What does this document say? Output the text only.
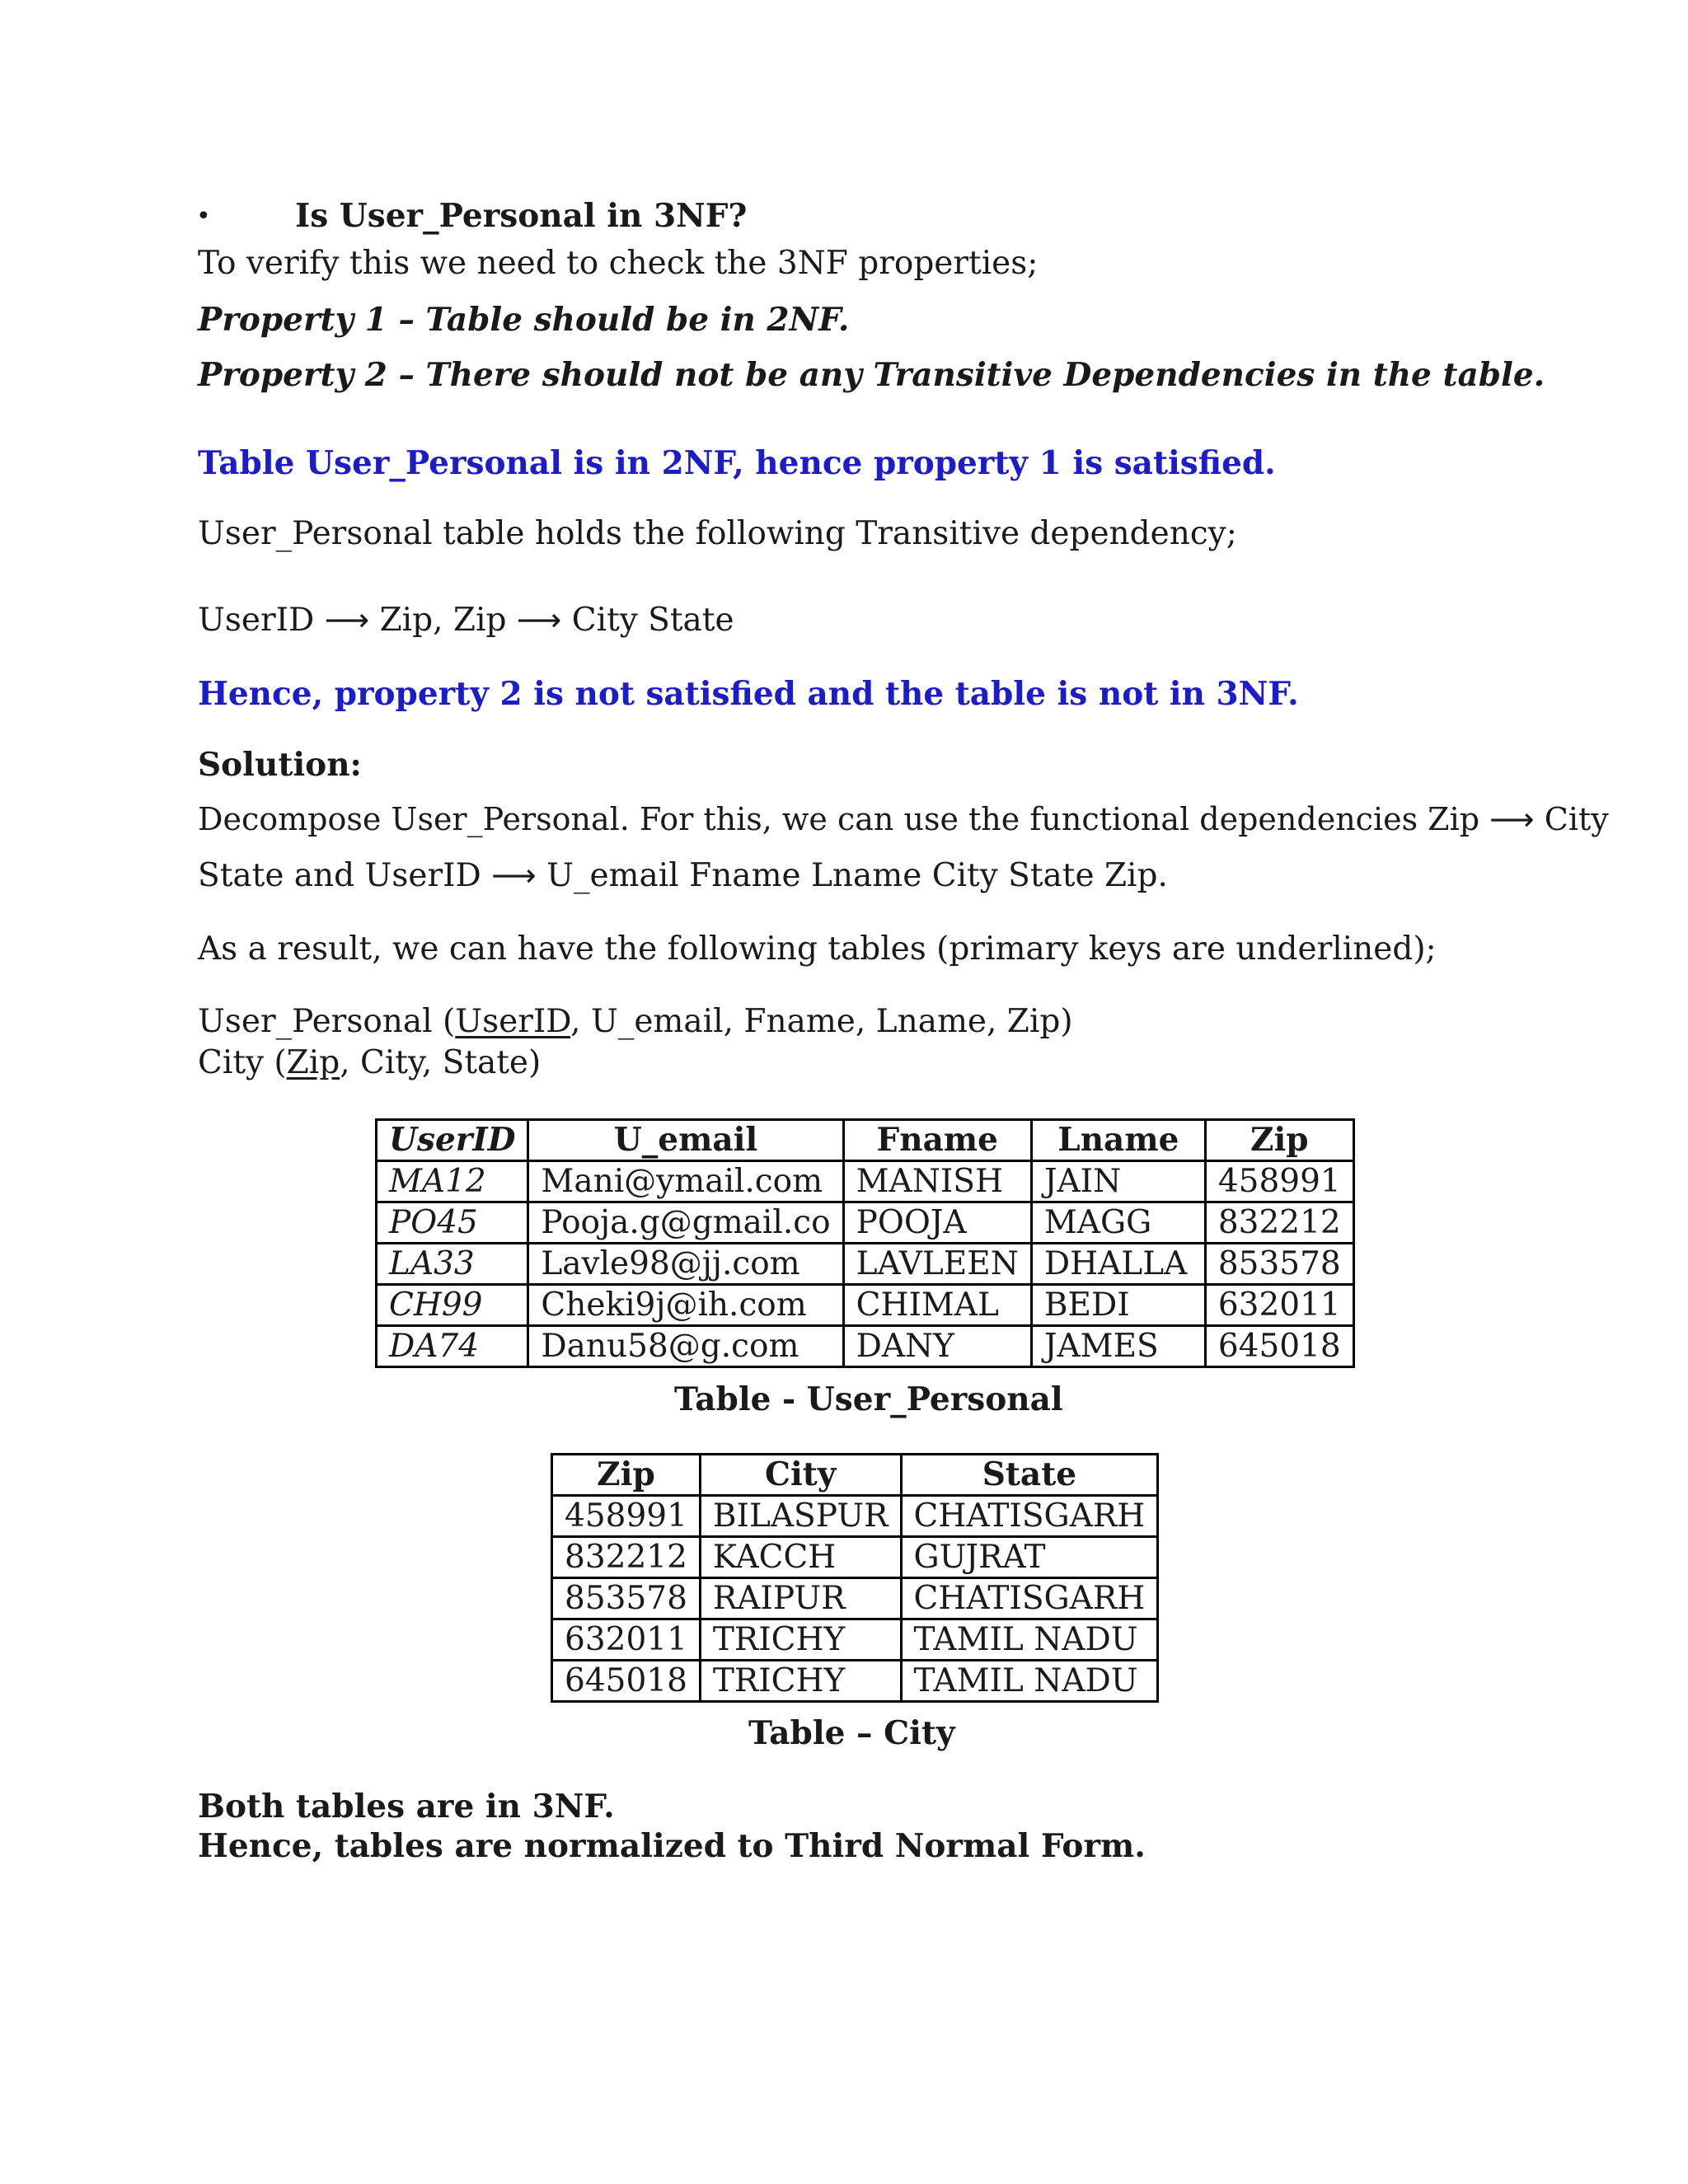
•	Is User_Personal in 3NF?
To verify this we need to check the 3NF properties;
Property 1 – Table should be in 2NF.
Property 2 – There should not be any Transitive Dependencies in the table.
Table User_Personal is in 2NF, hence property 1 is satisfied.
User_Personal table holds the following Transitive dependency;
UserID ⟶ Zip, Zip ⟶ City State
Hence, property 2 is not satisfied and the table is not in 3NF.
Solution:
Decompose User_Personal. For this, we can use the functional dependencies Zip ⟶ City
State and UserID ⟶ U_email Fname Lname City State Zip.
As a result, we can have the following tables (primary keys are underlined);
User_Personal (UserID, U_email, Fname, Lname, Zip)
City (Zip, City, State)
UserID	U_email	Fname	Lname	Zip
MA12	Mani@ymail.com	MANISH	JAIN	458991
PO45	Pooja.g@gmail.co	POOJA	MAGG	832212
LA33	Lavle98@jj.com	LAVLEEN	DHALLA	853578
CH99	Cheki9j@ih.com	CHIMAL	BEDI	632011
DA74	Danu58@g.com	DANY	JAMES	645018
Table - User_Personal
Zip	City	State
458991	BILASPUR	CHATISGARH
832212	KACCH	GUJRAT
853578	RAIPUR	CHATISGARH
632011	TRICHY	TAMIL NADU
645018	TRICHY	TAMIL NADU
Table – City
Both tables are in 3NF.
Hence, tables are normalized to Third Normal Form.
